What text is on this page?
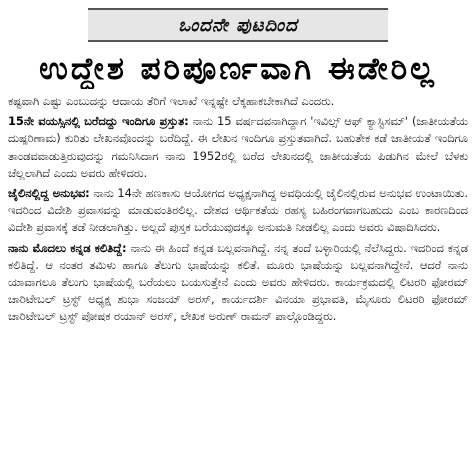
ಒಂದನೇ ಪುಟದಿಂದ
ಉದ್ದೇಶ ಪರಿಪೂರ್ಣವಾಗಿ ಈಡೇರಿಲ್ಲ

ಕಷ್ಟವಾಗಿ ಎಷ್ಟು ಎಂಬುದನ್ನು ಆದಾಯ ತೆರಿಗೆ ಇಲಾಖೆ ಇನ್ನಷ್ಟೇ ಲೆಕ್ಕಹಾಕಬೇಕಾಗಿದೆ ಎಂದರು.

15ನೇ ವಯಸ್ಸಿನಲ್ಲಿ ಬರೆದದ್ದು ಇಂದಿಗೂ ಪ್ರಸ್ತುತ: ನಾನು 15 ವರ್ಷದವನಾಗಿದ್ದಾಗ 'ಇವಿಲ್ಸ್ ಆಫ್ ಕ್ಯಾಸ್ಟಿಸಮ್' (ಜಾತೀಯತೆಯ ದುಷ್ಪರಿಣಾಮ) ಕುರಿತು ಲೇಖನವೊಂದನ್ನು ಬರೆದಿದ್ದೆ. ಈ ಲೇಖನ ಇಂದಿಗೂ ಪ್ರಸ್ತುತವಾಗಿದೆ. ಬಹುತೇಕ ಕಡೆ ಜಾತೀಯತೆ ಇಂದಿಗೂ ತಾಂಡವವಾಡುತ್ತಿರುವುದನ್ನು ಗಮನಿಸಿದಾಗ ನಾನು 1952ರಲ್ಲಿ ಬರೆದ ಲೇಖನದಲ್ಲಿ ಜಾತೀಯತೆಯ ಪಿಡುಗಿನ ಮೇಲೆ ಬೆಳಕು ಚೆಲ್ಲಲಾಗಿದೆ ಎಂದು ಅವರು ಹೇಳಿದರು.

ಜೈಲಿನಲ್ಲಿದ್ದ ಅನುಭವ: ನಾನು 14ನೇ ಹಣಕಾಸು ಆಯೋಗದ ಅಧ್ಯಕ್ಷನಾಗಿದ್ದ ಅವಧಿಯಲ್ಲಿ ಜೈಲಿನಲ್ಲಿರುವ ಅನುಭವ ಉಂಟಾಯಿತು. ಇದರಿಂದ ವಿದೇಶಿ ಪ್ರವಾಸವನ್ನು ಮಾಡುವಂತಿರಲಿಲ್ಲ. ದೇಶದ ಆರ್ಥಿಕತೆಯ ರಹಸ್ಯ ಬಹಿರಂಗವಾಗಬಹುದು ಎಂಬ ಕಾರಣದಿಂದ ವಿದೇಶಿ ಪ್ರವಾಸಕ್ಕೆ ತಡೆ ನೀಡಲಾಗಿತ್ತು. ಅಲ್ಲದೆ ಪುಸ್ತಕ ಬರೆಯುವುದಕ್ಕೂ ಅನುಮತಿ ನೀಡಲಿಲ್ಲ ಎಂದು ಅವರು ವಿಷಾದಿಸಿದರು.

ನಾನು ಮೊದಲು ಕನ್ನಡ ಕಲಿತಿದ್ದೆ: ನಾನು ಈ ಹಿಂದೆ ಕನ್ನಡ ಬಲ್ಲವನಾಗಿದ್ದೆ. ನನ್ನ ತಂದೆ ಬಳ್ಳಾರಿಯಲ್ಲಿ ನೆಲೆಸಿದ್ದರು. ಇದರಿಂದ ಕನ್ನಡ ಕಲಿತಿದ್ದೆ. ಆ ನಂತರ ತಮಿಳು ಹಾಗೂ ತೆಲುಗು ಭಾಷೆಯನ್ನು ಕಲಿತೆ. ಮೂರು ಭಾಷೆಯನ್ನು ಬಲ್ಲವನಾಗಿದ್ದೇನೆ. ಆದರೆ ನಾನು ಯಾವಾಗಲೂ ತೆಲುಗು ಭಾಷೆಯಲ್ಲಿ ಬರೆಯಲು ಬಯಸುತ್ತೇನೆ ಎಂದು ಅವರು ಹೇಳಿದರು. ಕಾರ್ಯಕ್ರಮದಲ್ಲಿ ಲಿಟರರಿ ಫೋರಮ್ ಚಾರಿಟೇಬಲ್ ಟ್ರಸ್ಟ್ ಅಧ್ಯಕ್ಷ ಶುಭಾ ಸಂಜಯ್ ಅರಸ್, ಕಾರ್ಯದರ್ಶಿ ವಿನಯಾ ಪ್ರಭಾವತಿ, ಮೈಸೂರು ಲಿಟರರಿ ಫೋರಮ್ ಚಾರಿಟೇಬಲ್ ಟ್ರಸ್ಟ್ ಪೋಷಕ ರಯಾನ್ ಅರಸ್, ಲೇಖಕ ಅರುಣ್ ರಾಮನ್ ಪಾಲ್ಗೊಂಡಿದ್ದರು.
